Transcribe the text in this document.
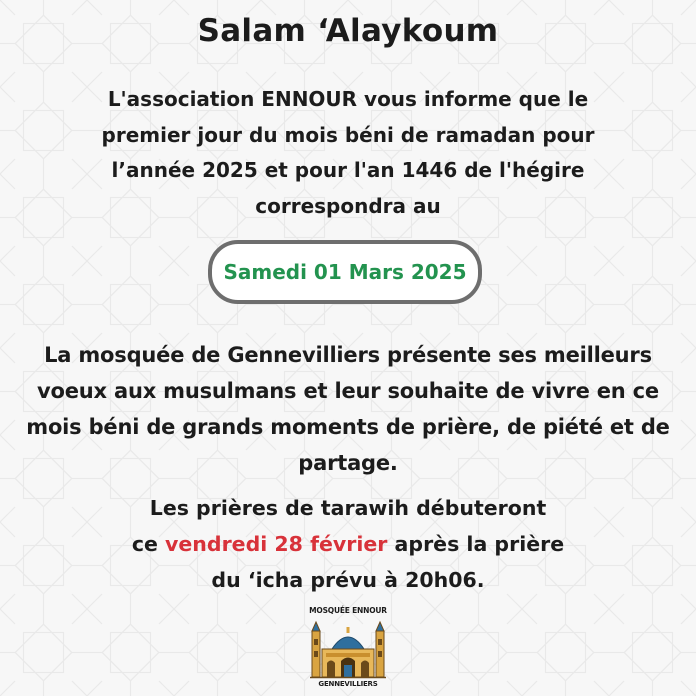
Salam ‘Alaykoum
L'association ENNOUR vous informe que le
premier jour du mois béni de ramadan pour
l’année 2025 et pour l'an 1446 de l'hégire
correspondra au
Samedi 01 Mars 2025
La mosquée de Gennevilliers présente ses meilleurs
voeux aux musulmans et leur souhaite de vivre en ce
mois béni de grands moments de prière, de piété et de
partage.
Les prières de tarawih débuteront
ce vendredi 28 février après la prière
du ‘icha prévu à 20h06.
MOSQUÉE ENNOUR
GENNEVILLIERS
